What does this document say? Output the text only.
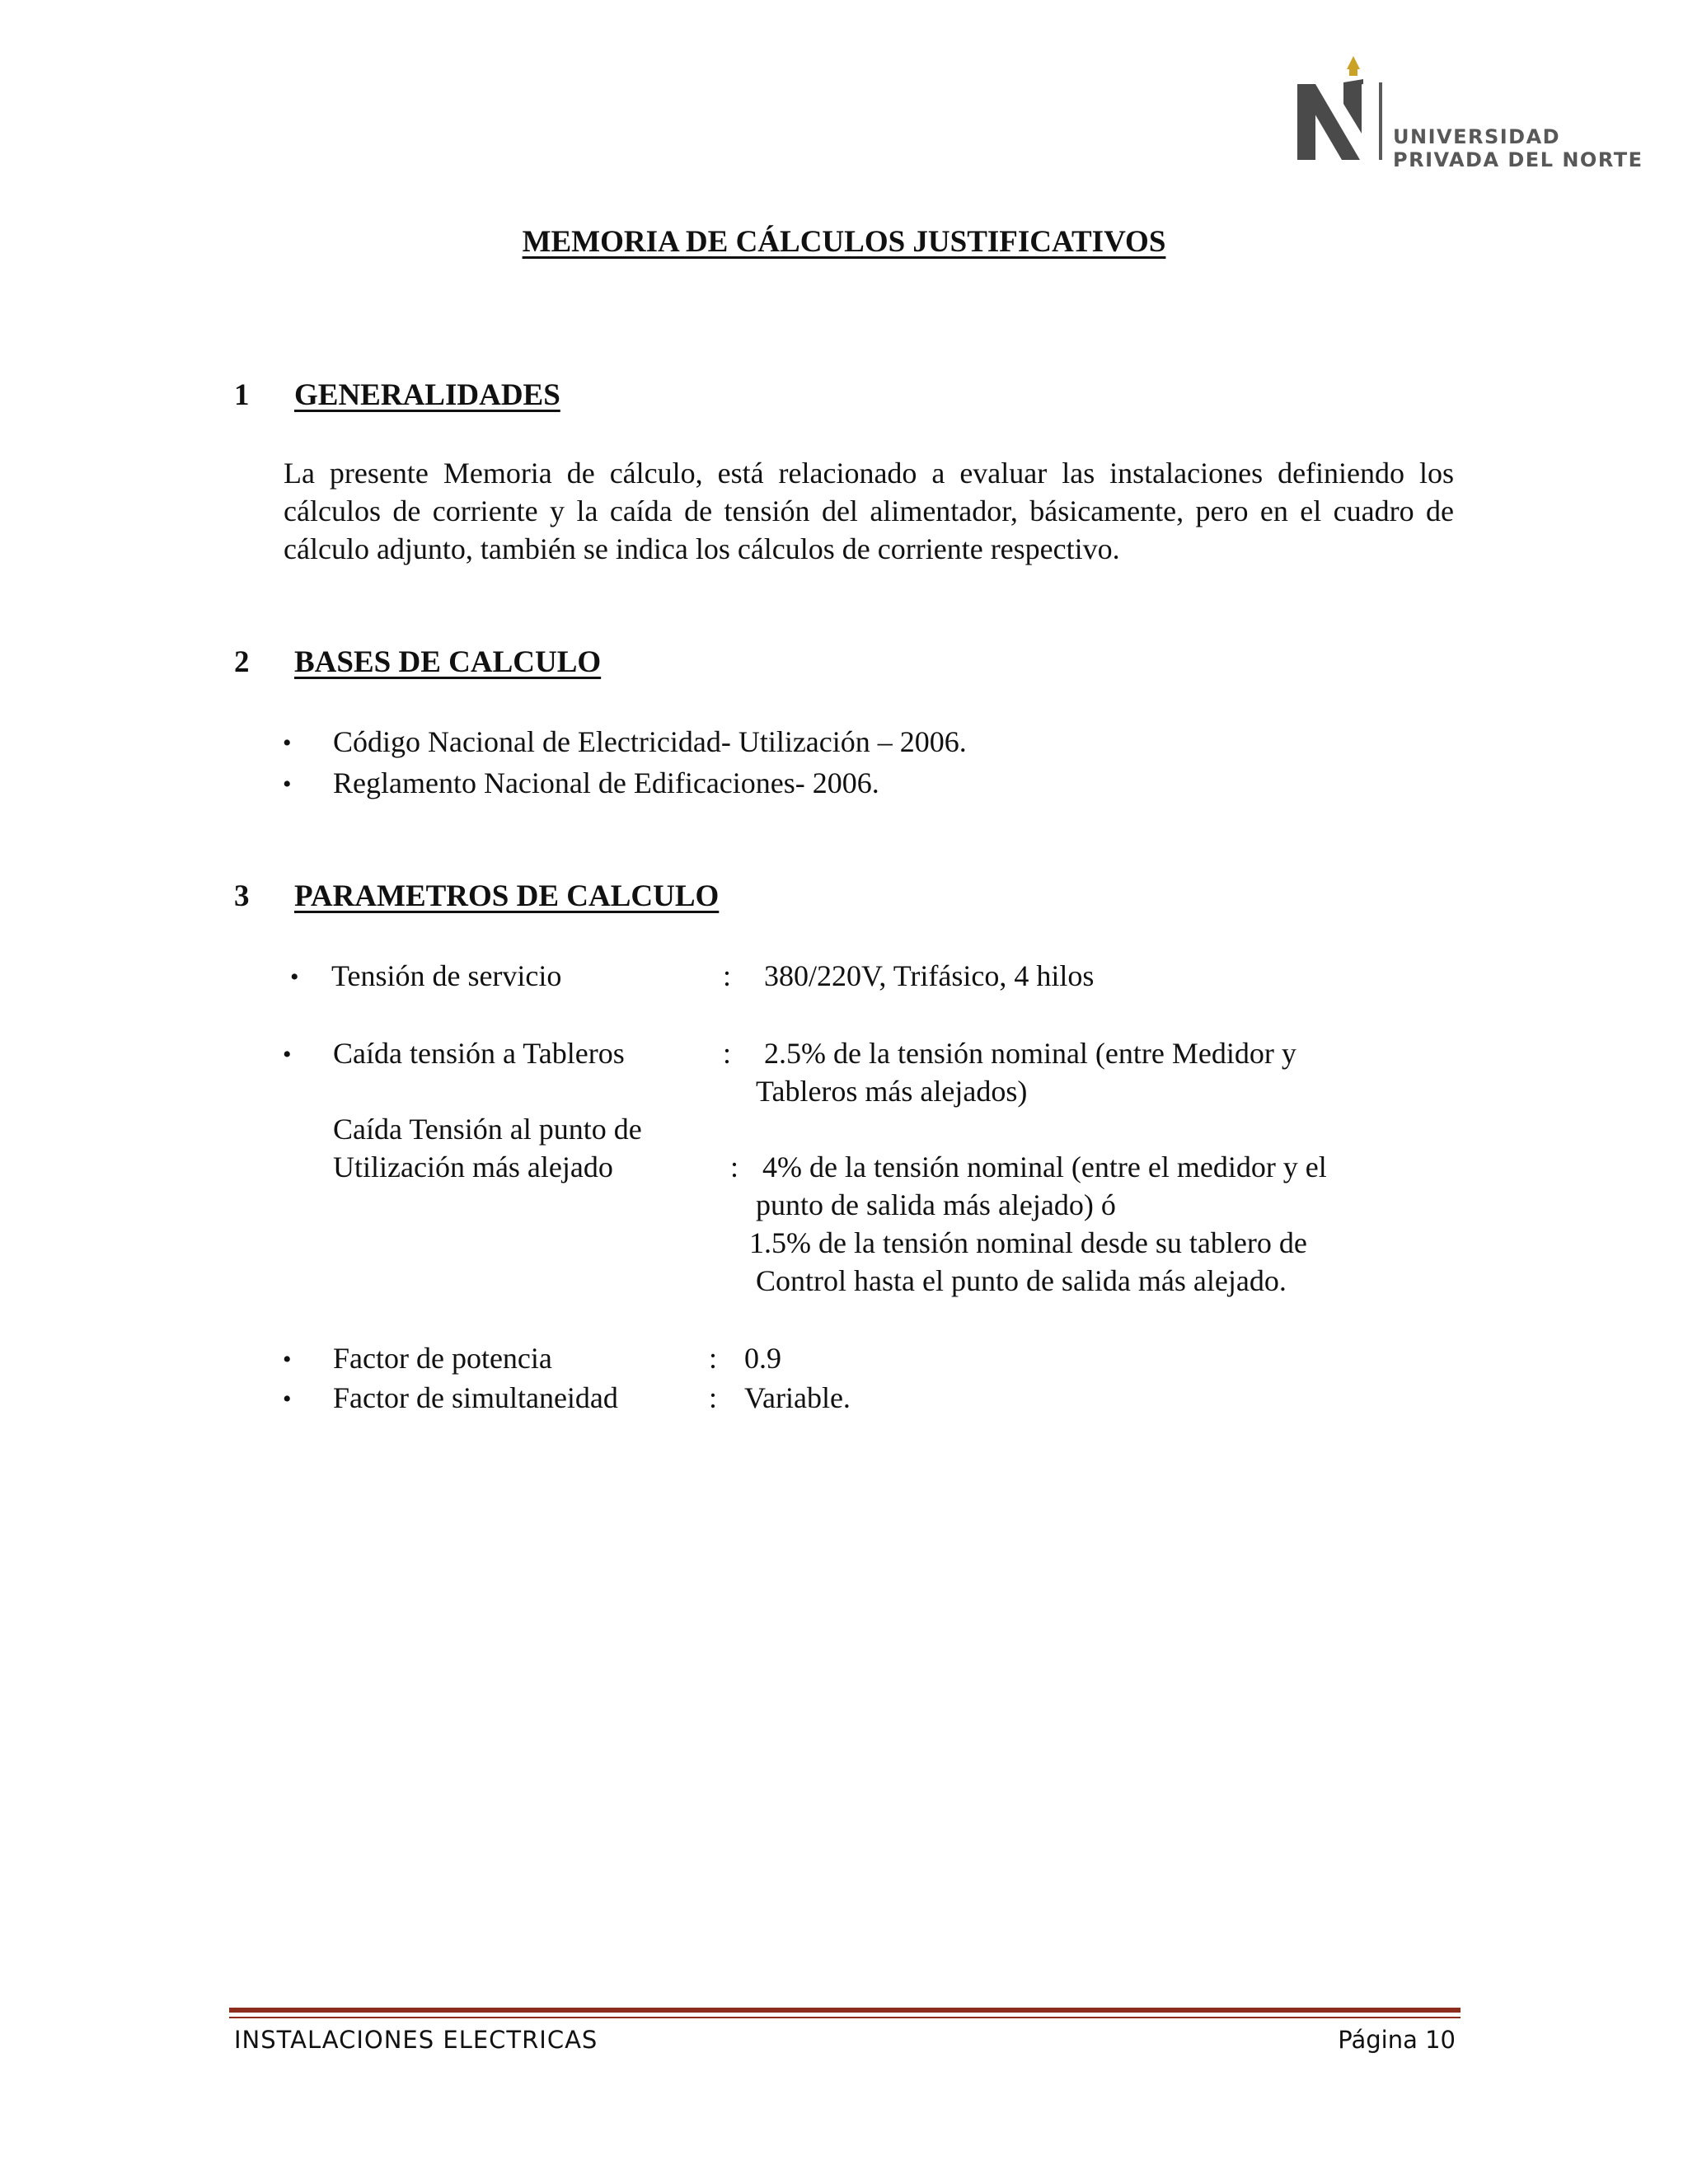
UNIVERSIDAD
PRIVADA DEL NORTE
MEMORIA DE CÁLCULOS JUSTIFICATIVOS
1 GENERALIDADES
La presente Memoria de cálculo, está relacionado a evaluar las instalaciones definiendo los cálculos de corriente y la caída de tensión del alimentador, básicamente, pero en el cuadro de cálculo adjunto, también se indica los cálculos de corriente respectivo.
2 BASES DE CALCULO
• Código Nacional de Electricidad- Utilización – 2006.
• Reglamento Nacional de Edificaciones- 2006.
3 PARAMETROS DE CALCULO
• Tensión de servicio	: 380/220V, Trifásico, 4 hilos
• Caída tensión a Tableros	: 2.5% de la tensión nominal (entre Medidor y
Tableros más alejados)
Caída Tensión al punto de
Utilización más alejado	: 4% de la tensión nominal (entre el medidor y el
punto de salida más alejado) ó
1.5% de la tensión nominal desde su tablero de
Control hasta el punto de salida más alejado.
• Factor de potencia	: 0.9
• Factor de simultaneidad	: Variable.
INSTALACIONES ELECTRICAS	Página 10
